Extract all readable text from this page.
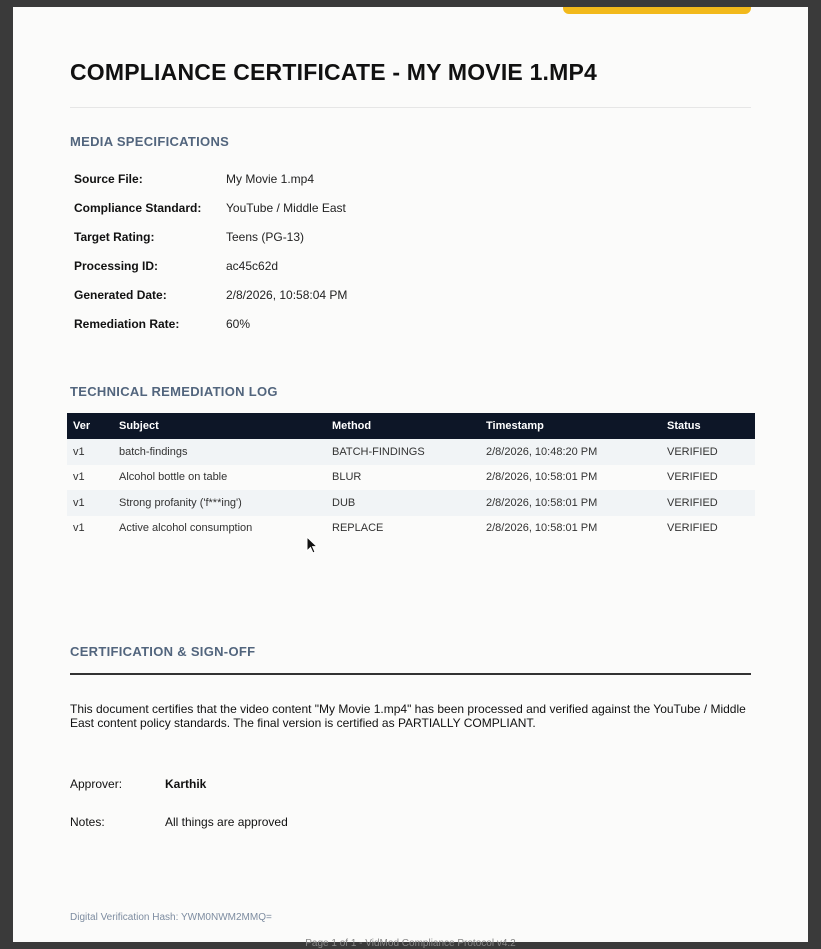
COMPLIANCE CERTIFICATE - MY MOVIE 1.MP4
MEDIA SPECIFICATIONS
Source File:	My Movie 1.mp4
Compliance Standard:	YouTube / Middle East
Target Rating:	Teens (PG-13)
Processing ID:	ac45c62d
Generated Date:	2/8/2026, 10:58:04 PM
Remediation Rate:	60%
TECHNICAL REMEDIATION LOG
Ver	Subject	Method	Timestamp	Status
v1	batch-findings	BATCH-FINDINGS	2/8/2026, 10:48:20 PM	VERIFIED
v1	Alcohol bottle on table	BLUR	2/8/2026, 10:58:01 PM	VERIFIED
v1	Strong profanity ('f***ing')	DUB	2/8/2026, 10:58:01 PM	VERIFIED
v1	Active alcohol consumption	REPLACE	2/8/2026, 10:58:01 PM	VERIFIED
CERTIFICATION & SIGN-OFF

This document certifies that the video content "My Movie 1.mp4" has been processed and verified against the YouTube / Middle East content policy standards. The final version is certified as PARTIALLY COMPLIANT.

Approver:	Karthik
Notes:	All things are approved
Digital Verification Hash: YWM0NWM2MMQ=
Page 1 of 1 - VidMod Compliance Protocol v4.2
